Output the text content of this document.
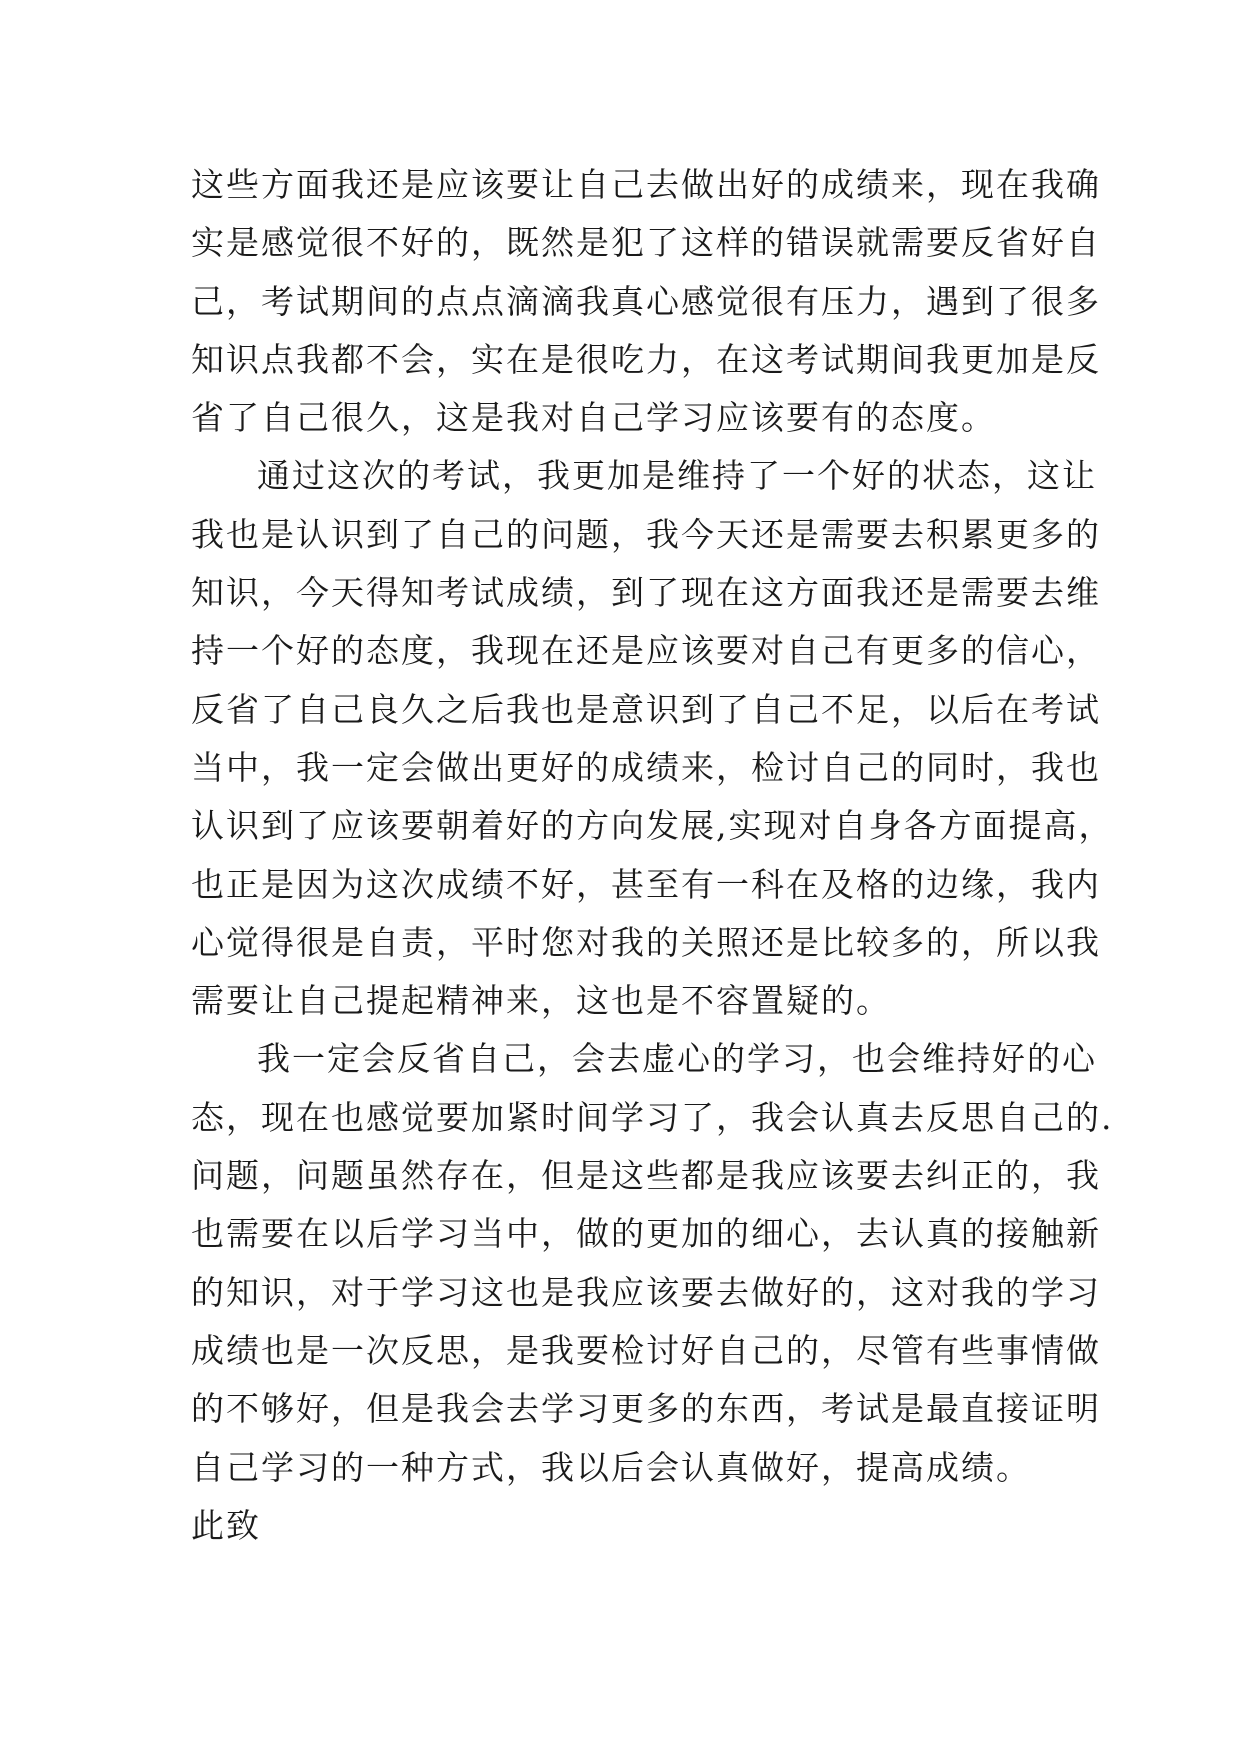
这些方面我还是应该要让自己去做出好的成绩来，现在我确
实是感觉很不好的，既然是犯了这样的错误就需要反省好自
己，考试期间的点点滴滴我真心感觉很有压力，遇到了很多
知识点我都不会，实在是很吃力，在这考试期间我更加是反
省了自己很久，这是我对自己学习应该要有的态度。
通过这次的考试，我更加是维持了一个好的状态，这让
我也是认识到了自己的问题，我今天还是需要去积累更多的
知识，今天得知考试成绩，到了现在这方面我还是需要去维
持一个好的态度，我现在还是应该要对自己有更多的信心，
反省了自己良久之后我也是意识到了自己不足，以后在考试
当中，我一定会做出更好的成绩来，检讨自己的同时，我也
认识到了应该要朝着好的方向发展,实现对自身各方面提高，
也正是因为这次成绩不好，甚至有一科在及格的边缘，我内
心觉得很是自责，平时您对我的关照还是比较多的，所以我
需要让自己提起精神来，这也是不容置疑的。
我一定会反省自己，会去虚心的学习，也会维持好的心
态，现在也感觉要加紧时间学习了，我会认真去反思自己的.
问题，问题虽然存在，但是这些都是我应该要去纠正的，我
也需要在以后学习当中，做的更加的细心，去认真的接触新
的知识，对于学习这也是我应该要去做好的，这对我的学习
成绩也是一次反思，是我要检讨好自己的，尽管有些事情做
的不够好，但是我会去学习更多的东西，考试是最直接证明
自己学习的一种方式，我以后会认真做好，提高成绩。
此致
